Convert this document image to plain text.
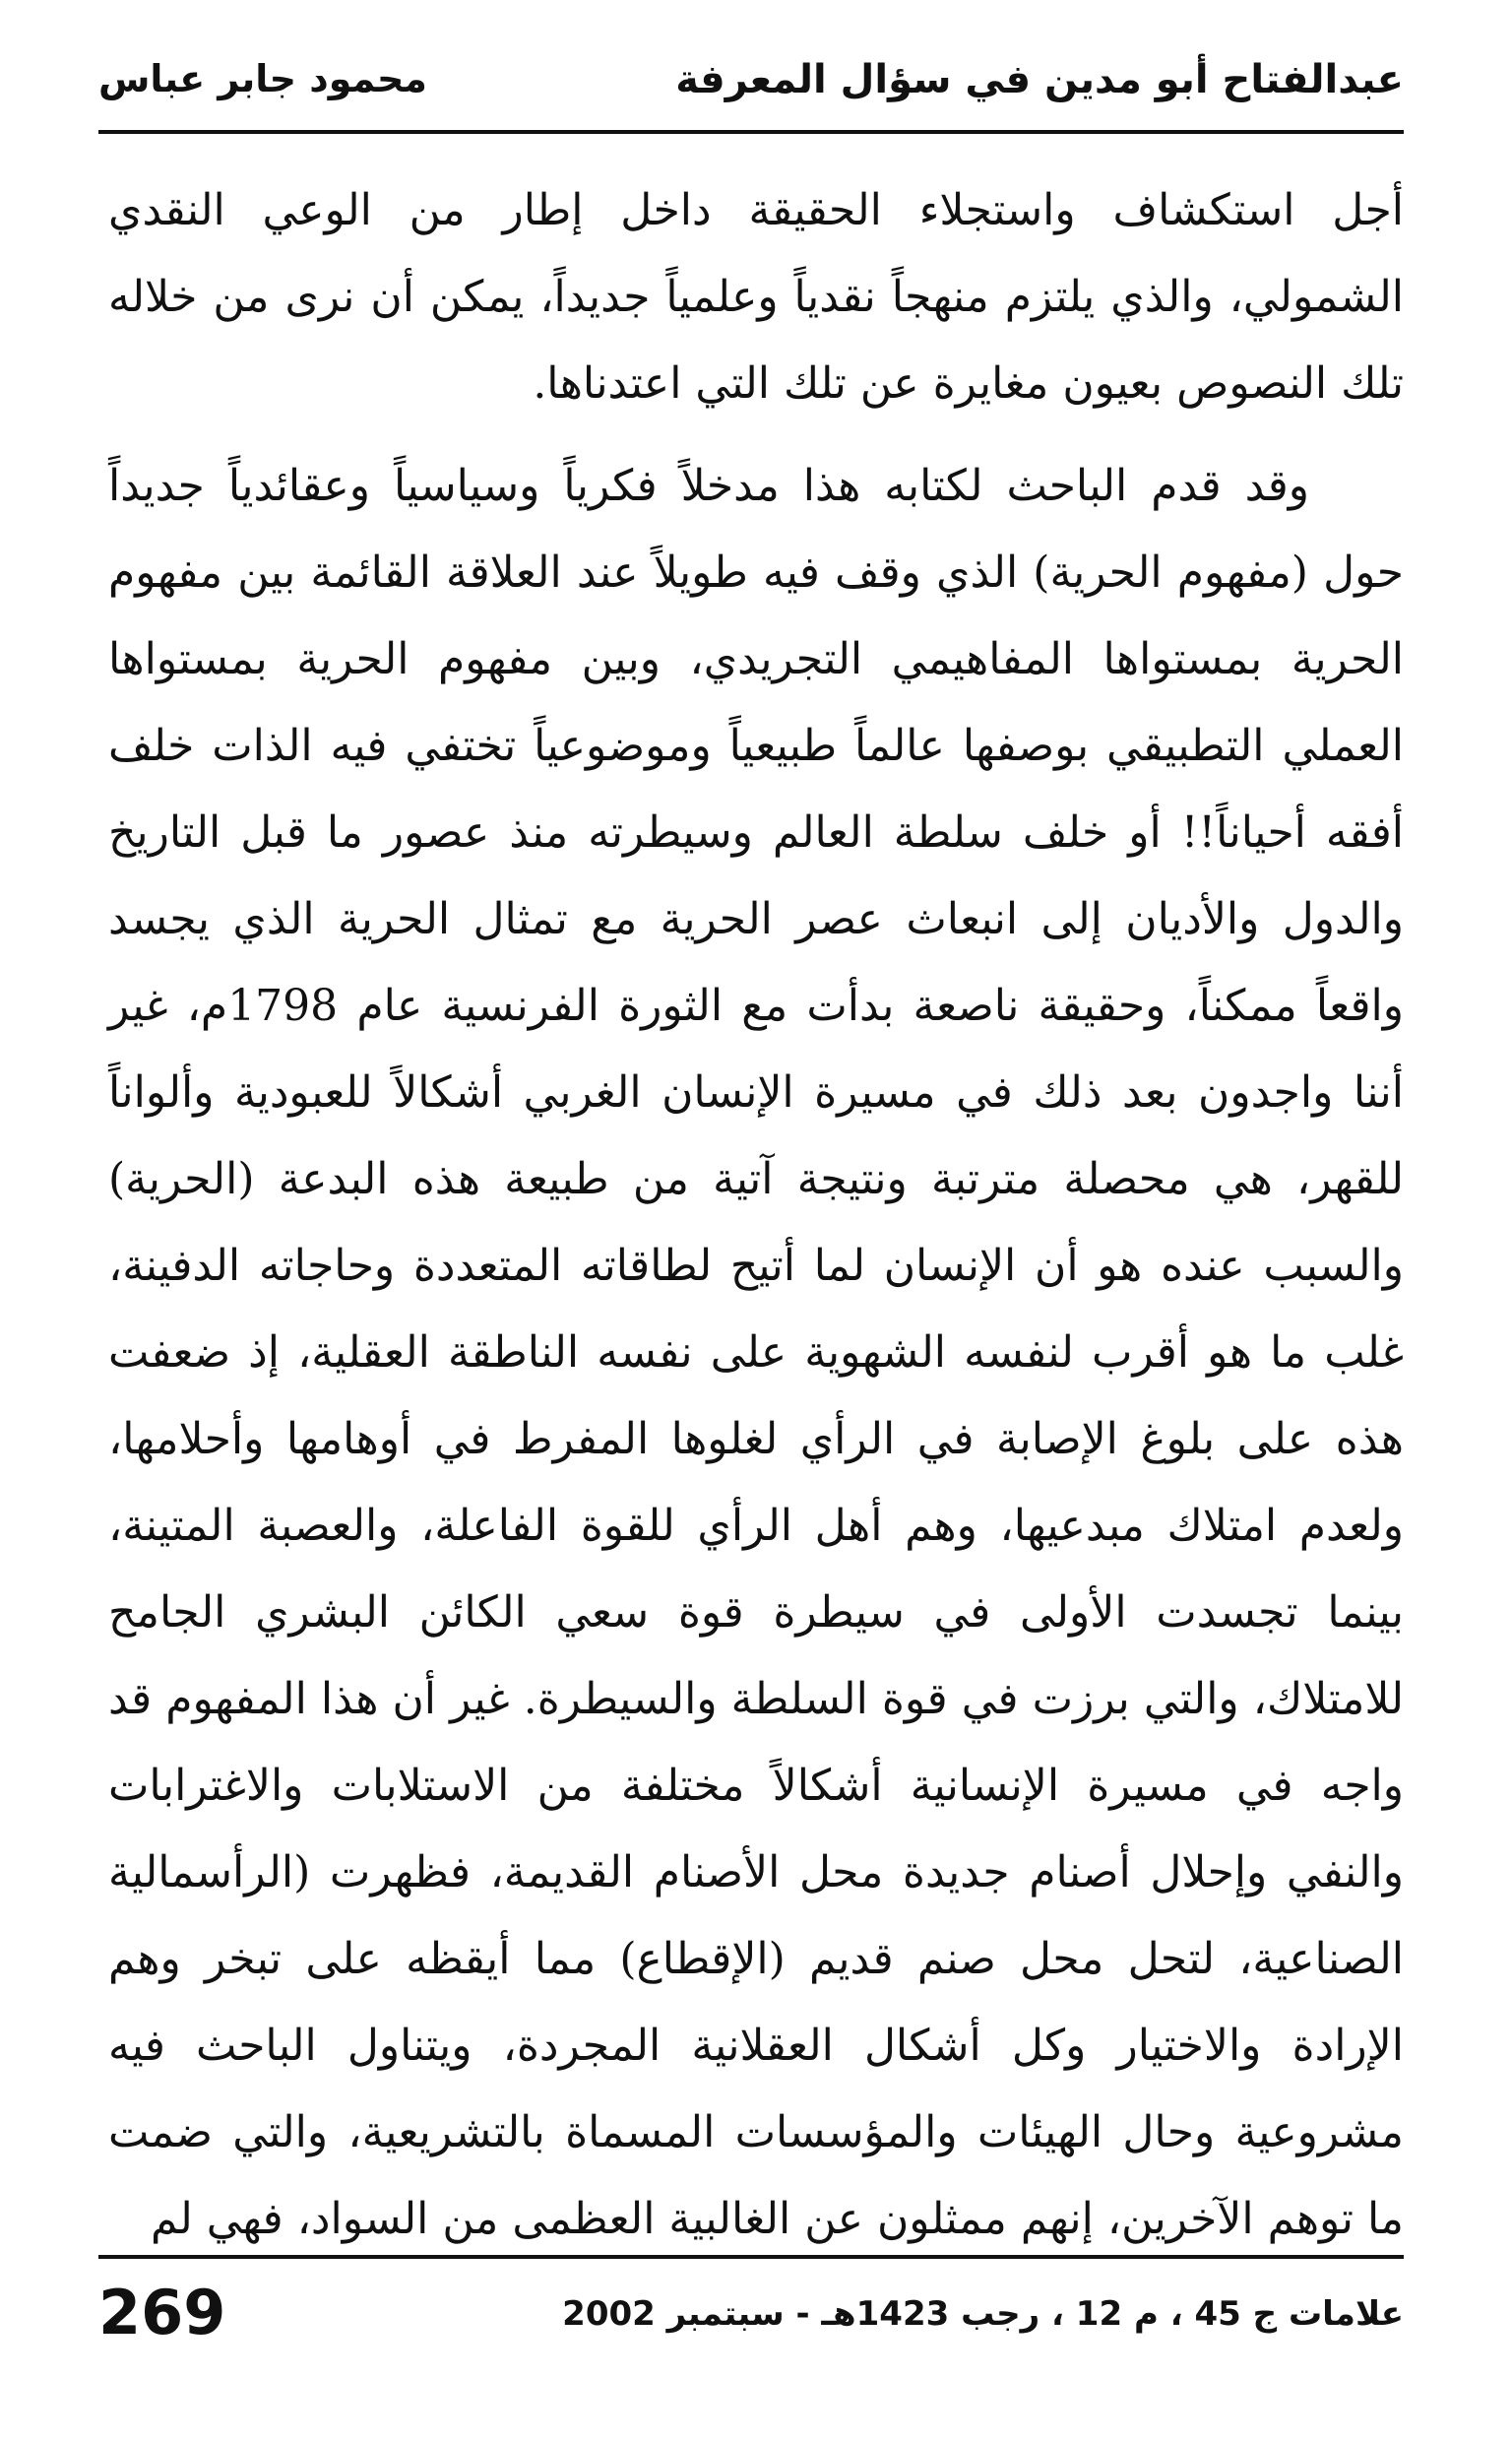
عبدالفتاح أبو مدين في سؤال المعرفة
محمود جابر عباس

أجل استكشاف واستجلاء الحقيقة داخل إطار من الوعي النقدي الشمولي، والذي يلتزم منهجاً نقدياً وعلمياً جديداً، يمكن أن نرى من خلاله تلك النصوص بعيون مغايرة عن تلك التي اعتدناها.

وقد قدم الباحث لكتابه هذا مدخلاً فكرياً وسياسياً وعقائدياً جديداً حول (مفهوم الحرية) الذي وقف فيه طويلاً عند العلاقة القائمة بين مفهوم الحرية بمستواها المفاهيمي التجريدي، وبين مفهوم الحرية بمستواها العملي التطبيقي بوصفها عالماً طبيعياً وموضوعياً تختفي فيه الذات خلف أفقه أحياناً!! أو خلف سلطة العالم وسيطرته منذ عصور ما قبل التاريخ والدول والأديان إلى انبعاث عصر الحرية مع تمثال الحرية الذي يجسد واقعاً ممكناً، وحقيقة ناصعة بدأت مع الثورة الفرنسية عام 1798م، غير أننا واجدون بعد ذلك في مسيرة الإنسان الغربي أشكالاً للعبودية وألواناً للقهر، هي محصلة مترتبة ونتيجة آتية من طبيعة هذه البدعة (الحرية) والسبب عنده هو أن الإنسان لما أتيح لطاقاته المتعددة وحاجاته الدفينة، غلب ما هو أقرب لنفسه الشهوية على نفسه الناطقة العقلية، إذ ضعفت هذه على بلوغ الإصابة في الرأي لغلوها المفرط في أوهامها وأحلامها، ولعدم امتلاك مبدعيها، وهم أهل الرأي للقوة الفاعلة، والعصبة المتينة، بينما تجسدت الأولى في سيطرة قوة سعي الكائن البشري الجامح للامتلاك، والتي برزت في قوة السلطة والسيطرة. غير أن هذا المفهوم قد واجه في مسيرة الإنسانية أشكالاً مختلفة من الاستلابات والاغترابات والنفي وإحلال أصنام جديدة محل الأصنام القديمة، فظهرت (الرأسمالية الصناعية، لتحل محل صنم قديم (الإقطاع) مما أيقظه على تبخر وهم الإرادة والاختيار وكل أشكال العقلانية المجردة، ويتناول الباحث فيه مشروعية وحال الهيئات والمؤسسات المسماة بالتشريعية، والتي ضمت ما توهم الآخرين، إنهم ممثلون عن الغالبية العظمى من السواد، فهي لم

علامات ج 45 ، م 12 ، رجب 1423هـ - سبتمبر 2002
269
